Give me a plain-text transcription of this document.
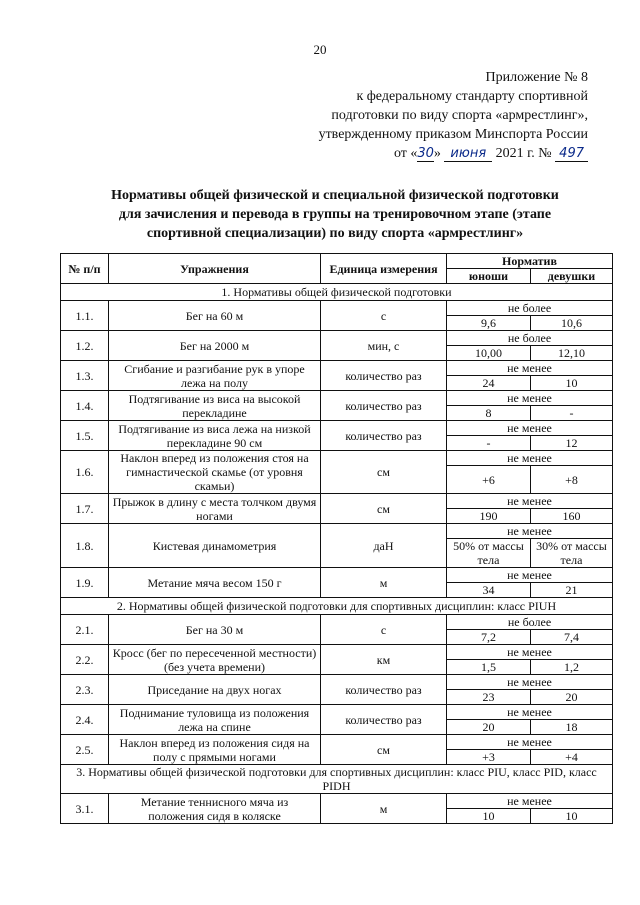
20
Приложение № 8
к федеральному стандарту спортивной
подготовки по виду спорта «армрестлинг»,
утвержденному приказом Минспорта России
от «30» июня 2021 г. № 497
Нормативы общей физической и специальной физической подготовки
для зачисления и перевода в группы на тренировочном этапе (этапе
спортивной специализации) по виду спорта «армрестлинг»
№ п/п	Упражнения	Единица измерения	Норматив	
			юноши	девушки
1. Нормативы общей физической подготовки				
1.1.	Бег на 60 м	с	не более	
			9,6	10,6
1.2.	Бег на 2000 м	мин, с	не более	
			10,00	12,10
1.3.	Сгибание и разгибание рук в упоре лежа на полу	количество раз	не менее	
			24	10
1.4.	Подтягивание из виса на высокой перекладине	количество раз	не менее	
			8	-
1.5.	Подтягивание из виса лежа на низкой перекладине 90 см	количество раз	не менее	
			-	12
1.6.	Наклон вперед из положения стоя на гимнастической скамье (от уровня скамьи)	см	не менее	
			+6	+8
1.7.	Прыжок в длину с места толчком двумя ногами	см	не менее	
			190	160
1.8.	Кистевая динамометрия	даН	не менее	
			50% от массы тела	30% от массы тела
1.9.	Метание мяча весом 150 г	м	не менее	
			34	21
2. Нормативы общей физической подготовки для спортивных дисциплин: класс PIUH				
2.1.	Бег на 30 м	с	не более	
			7,2	7,4
2.2.	Кросс (бег по пересеченной местности) (без учета времени)	км	не менее	
			1,5	1,2
2.3.	Приседание на двух ногах	количество раз	не менее	
			23	20
2.4.	Поднимание туловища из положения лежа на спине	количество раз	не менее	
			20	18
2.5.	Наклон вперед из положения сидя на полу с прямыми ногами	см	не менее	
			+3	+4
3. Нормативы общей физической подготовки для спортивных дисциплин: класс PIU, класс PID, класс PIDH				
3.1.	Метание теннисного мяча из положения сидя в коляске	м	не менее	
			10	10
